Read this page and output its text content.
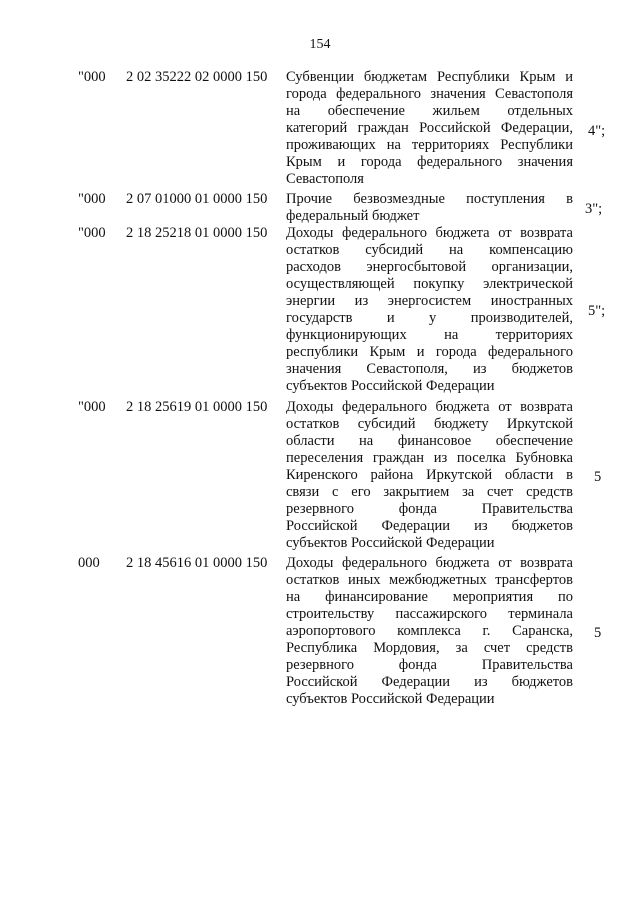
154
"000 2 02 35222 02 0000 150 Субвенции бюджетам Республики Крым и
города федерального значения Севастополя
на обеспечение жильем отдельных
категорий граждан Российской Федерации,
проживающих на территориях Республики
Крым и города федерального значения
Севастополя
4";
"000 2 07 01000 01 0000 150 Прочие безвозмездные поступления в
федеральный бюджет	3";
"000 2 18 25218 01 0000 150 Доходы федерального бюджета от возврата
остатков субсидий на компенсацию
расходов энергосбытовой организации,
осуществляющей покупку электрической
энергии из энергосистем иностранных
государств и у производителей,
функционирующих на территориях
республики Крым и города федерального
значения Севастополя, из бюджетов
субъектов Российской Федерации
5";
"000 2 18 25619 01 0000 150 Доходы федерального бюджета от возврата
остатков субсидий бюджету Иркутской
области на финансовое обеспечение
переселения граждан из поселка Бубновка
Киренского района Иркутской области в
связи с его закрытием за счет средств
резервного фонда Правительства
Российской Федерации из бюджетов
субъектов Российской Федерации
5
000 2 18 45616 01 0000 150 Доходы федерального бюджета от возврата
остатков иных межбюджетных трансфертов
на финансирование мероприятия по
строительству пассажирского терминала
аэропортового комплекса г. Саранска,
Республика Мордовия, за счет средств
резервного фонда Правительства
Российской Федерации из бюджетов
субъектов Российской Федерации
5
